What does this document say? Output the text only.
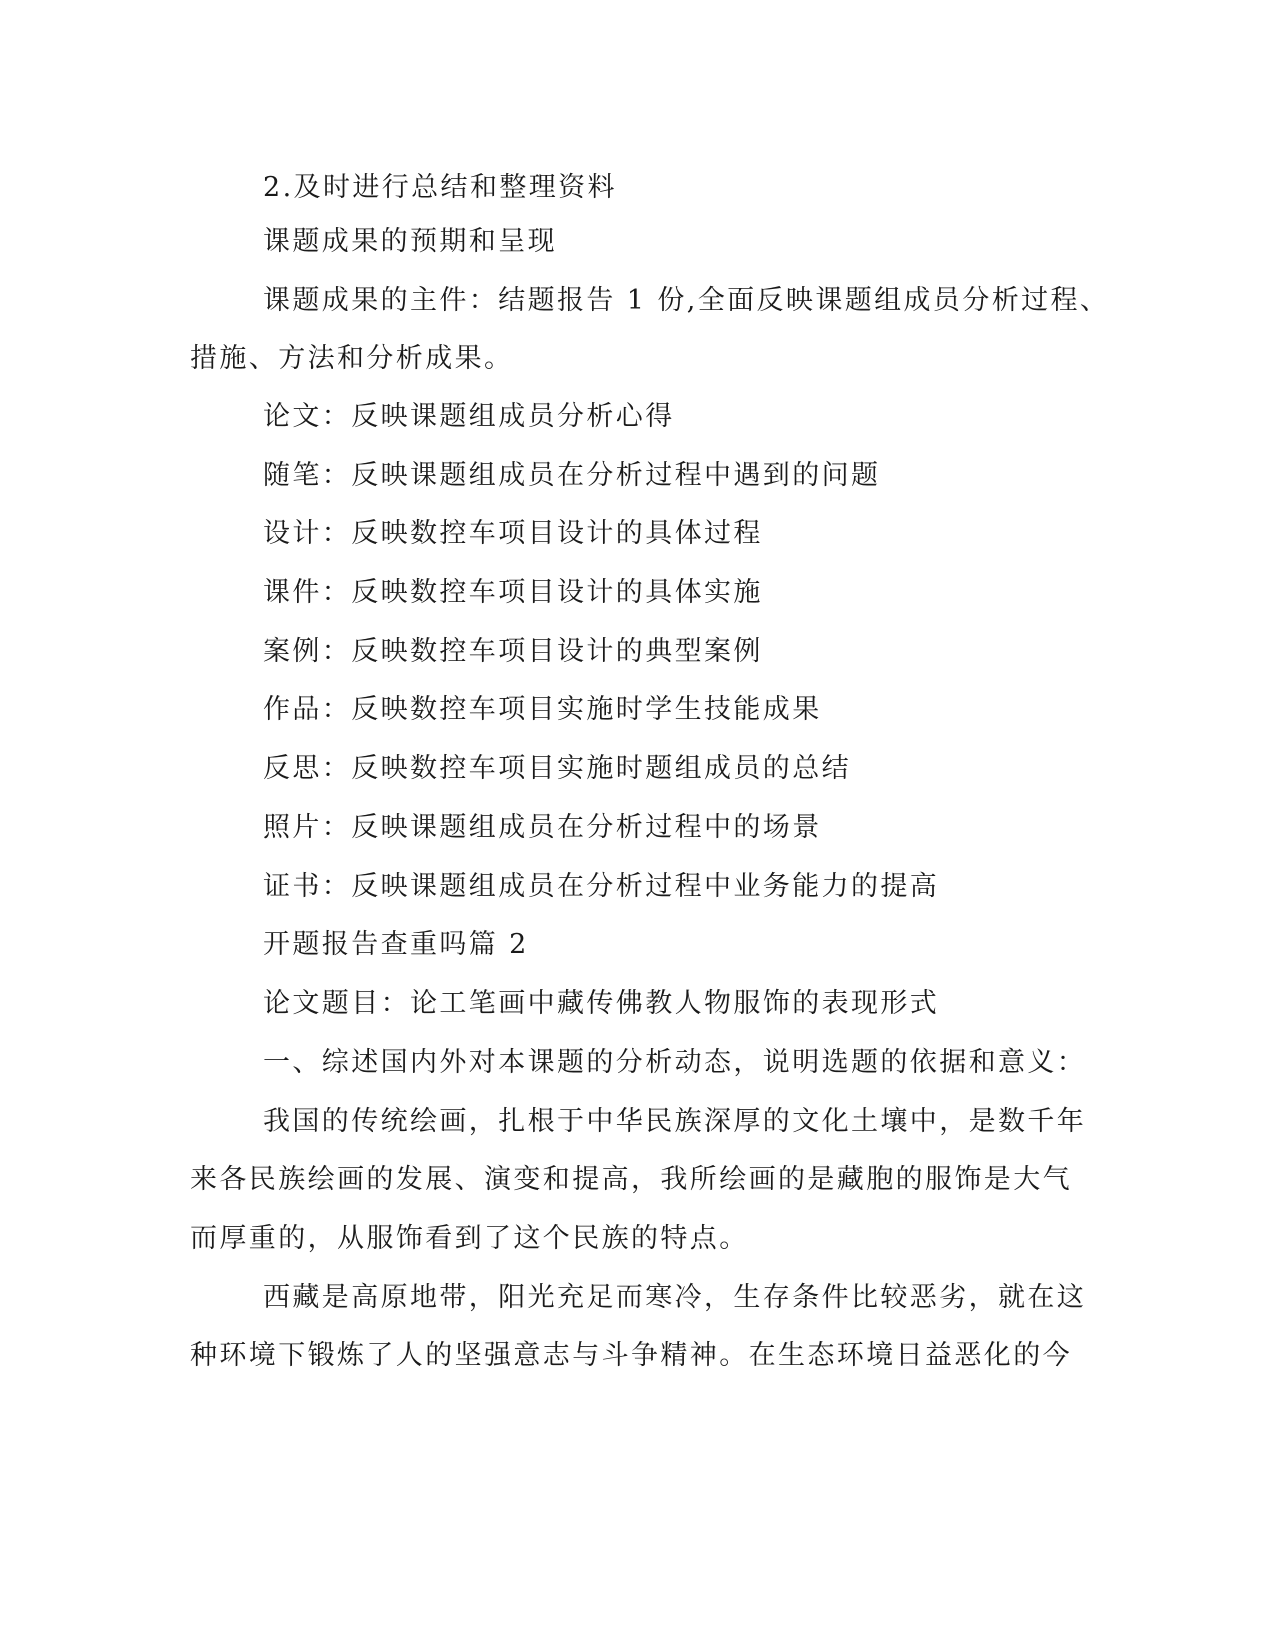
2.及时进行总结和整理资料
课题成果的预期和呈现
课题成果的主件：结题报告 1 份,全面反映课题组成员分析过程、
措施、方法和分析成果。
论文：反映课题组成员分析心得
随笔：反映课题组成员在分析过程中遇到的问题
设计：反映数控车项目设计的具体过程
课件：反映数控车项目设计的具体实施
案例：反映数控车项目设计的典型案例
作品：反映数控车项目实施时学生技能成果
反思：反映数控车项目实施时题组成员的总结
照片：反映课题组成员在分析过程中的场景
证书：反映课题组成员在分析过程中业务能力的提高
开题报告查重吗篇 2
论文题目：论工笔画中藏传佛教人物服饰的表现形式
一、综述国内外对本课题的分析动态，说明选题的依据和意义：
我国的传统绘画，扎根于中华民族深厚的文化土壤中，是数千年
来各民族绘画的发展、演变和提高，我所绘画的是藏胞的服饰是大气
而厚重的，从服饰看到了这个民族的特点。
西藏是高原地带，阳光充足而寒冷，生存条件比较恶劣，就在这
种环境下锻炼了人的坚强意志与斗争精神。在生态环境日益恶化的今
